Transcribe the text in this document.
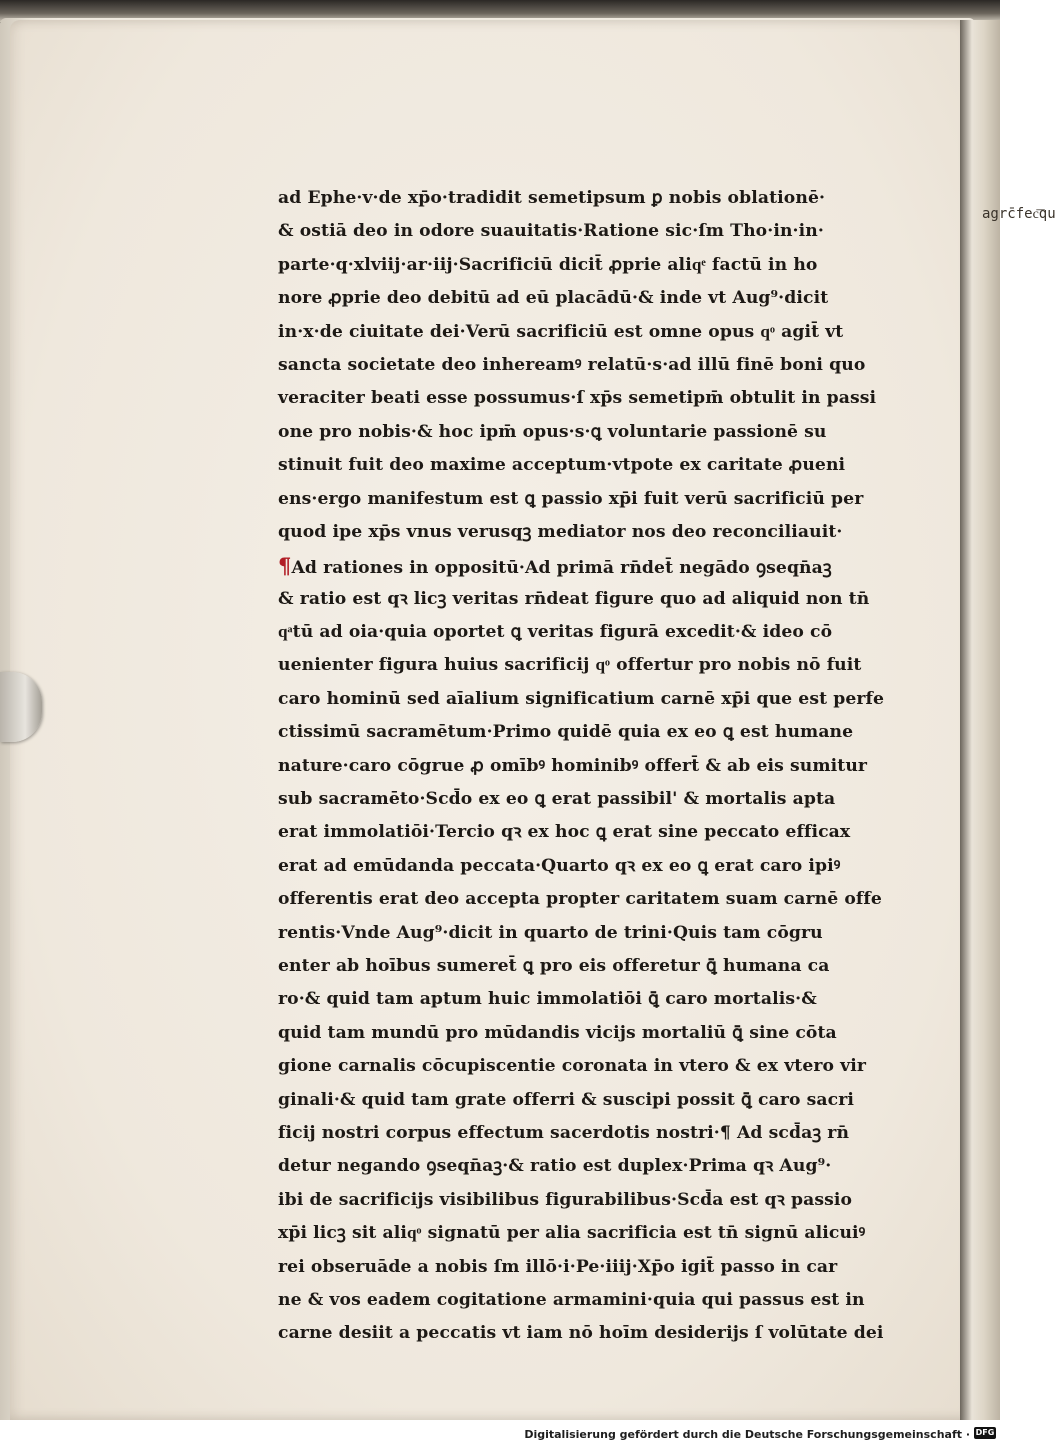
agrc̄fec͞qu
ad Ephe·v·de xp̄o·tradidit semetipsum ꝑ nobis oblationē·
& ostiā deo in odore suauitatis·Ratione sic·ſm Tho·in·in·
parte·q·xlviij·ar·iij·Sacrificiū dicit̄ ꝓprie aliqͤ factū in ho
nore ꝓprie deo debitū ad eū placādū·& inde vt Aug⁹·dicit
in·x·de ciuitate dei·Verū sacrificiū est omne opus qͦ agit̄ vt
sancta societate deo inhereamꝰ relatū·s·ad illū finē boni quo
veraciter beati esse possumus·ſ xp̄s semetipm̄ obtulit in passi
one pro nobis·& hoc ipm̄ opus·s·ꝗ voluntarie passionē su
stinuit fuit deo maxime acceptum·vtpote ex caritate ꝓueni
ens·ergo manifestum est ꝗ passio xp̄i fuit verū sacrificiū per
quod ipe xp̄s vnus verusqꝫ mediator nos deo reconciliauit·
¶Ad rationes in oppositū·Ad primā rn̄det̄ negādo ꝯseqn̄aꝫ
& ratio est qꝛ licꝫ veritas rn̄deat figure quo ad aliquid non tn̄
qͣtū ad oia·quia oportet ꝗ veritas figurā excedit·& ideo cō
uenienter figura huius sacrificij qͦ offertur pro nobis nō fuit
caro hominū sed aīalium significatium carnē xp̄i que est perfe
ctissimū sacramētum·Primo quidē quia ex eo ꝗ est humane
nature·caro cōgrue ꝓ omībꝰ hominibꝰ offert̄ & ab eis sumitur
sub sacramēto·Scd̄o ex eo ꝗ erat passibil' & mortalis apta
erat immolatiōi·Tercio qꝛ ex hoc ꝗ erat sine peccato efficax
erat ad emūdanda peccata·Quarto qꝛ ex eo ꝗ erat caro ipiꝰ
offerentis erat deo accepta propter caritatem suam carnē offe
rentis·Vnde Aug⁹·dicit in quarto de trini·Quis tam cōgru
enter ab hoībus sumeret̄ ꝗ pro eis offeretur ꝗ̄ humana ca
ro·& quid tam aptum huic immolatiōi ꝗ̄ caro mortalis·&
quid tam mundū pro mūdandis vicijs mortaliū ꝗ̄ sine cōta
gione carnalis cōcupiscentie coronata in vtero & ex vtero vir
ginali·& quid tam grate offerri & suscipi possit ꝗ̄ caro sacri
ficij nostri corpus effectum sacerdotis nostri·¶ Ad scd̄aꝫ rn̄
detur negando ꝯseqn̄aꝫ·& ratio est duplex·Prima qꝛ Aug⁹·
ibi de sacrificijs visibilibus figurabilibus·Scd̄a est qꝛ passio
xp̄i licꝫ sit aliqͦ signatū per alia sacrificia est tn̄ signū alicuiꝰ
rei obseruāde a nobis ſm illō·i·Pe·iiij·Xp̄o igit̄ passo in car
ne & vos eadem cogitatione armamini·quia qui passus est in
carne desiit a peccatis vt iam nō hoīm desiderijs ſ volūtate dei
Digitalisierung gefördert durch die Deutsche Forschungsgemeinschaft · DFG
